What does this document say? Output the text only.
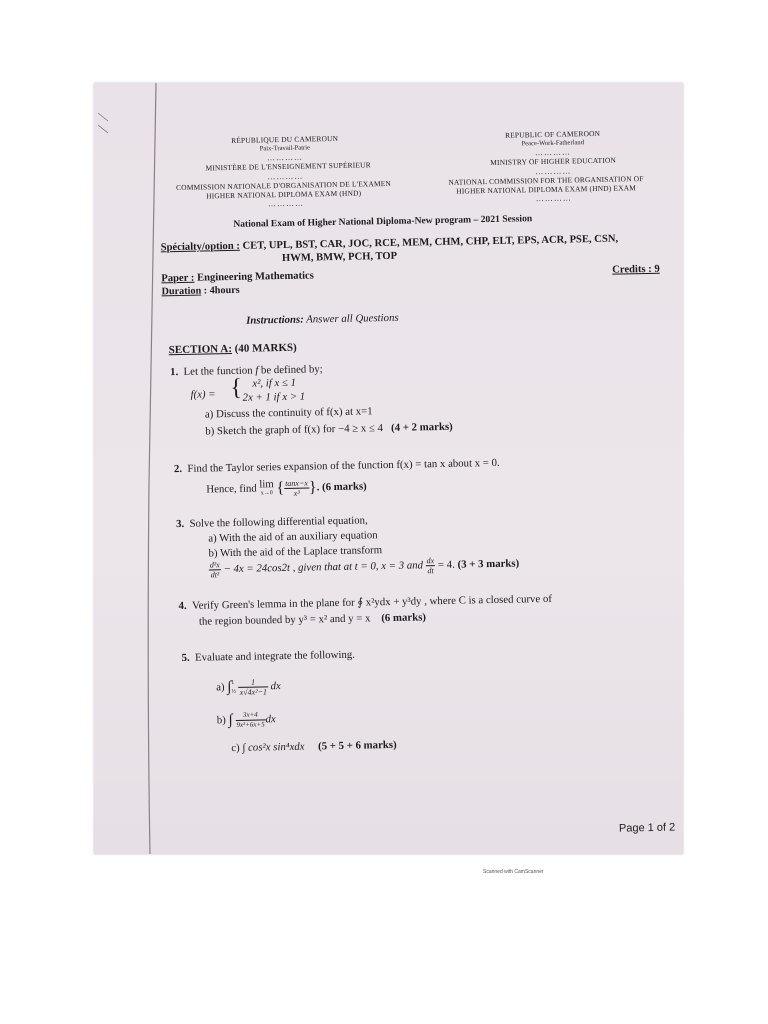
RÉPUBLIQUE DU CAMEROUN
Paix-Travail-Patrie
…………
MINISTÈRE DE L'ENSEIGNEMENT SUPÉRIEUR
…………
COMMISSION NATIONALE D'ORGANISATION DE L'EXAMEN
HIGHER NATIONAL DIPLOMA EXAM (HND)
…………
REPUBLIC OF CAMEROON
Peace-Work-Fatherland
…………
MINISTRY OF HIGHER EDUCATION
…………
NATIONAL COMMISSION FOR THE ORGANISATION OF
HIGHER NATIONAL DIPLOMA EXAM (HND) EXAM
…………
National Exam of Higher National Diploma-New program – 2021 Session
Spécialty/option : CET, UPL, BST, CAR, JOC, RCE, MEM, CHM, CHP, ELT, EPS, ACR, PSE, CSN,
HWM, BMW, PCH, TOP
Paper : Engineering Mathematics
Credits : 9
Duration : 4hours
Instructions: Answer all Questions
SECTION A: (40 MARKS)
1. Let the function f be defined by;
f(x) = { x², if x ≤ 1
2x + 1 if x > 1
a) Discuss the continuity of f(x) at x=1
b) Sketch the graph of f(x) for −4 ≥ x ≤ 4 (4 + 2 marks)
2. Find the Taylor series expansion of the function f(x) = tan x about x = 0.
Hence, find lim
x→0 { $\frac{\tan x-x}{\text{x³}}$ }. (6 marks)
3. Solve the following differential equation,
a) With the aid of an auxiliary equation
b) With the aid of the Laplace transform
$\frac{\text{d²x}}{\text{dt²}} - 4x = 24\cos 2t$ , given that at t = 0, x = 3 and $\frac{dx}{dt} = 4$. (3 + 3 marks)
4. Verify Green's lemma in the plane for ∮ x²ydx + y³dy , where C is a closed curve of
the region bounded by y³ = x² and y = x (6 marks)
5. Evaluate and integrate the following.
a) ∫ 1
½
$\frac{1}{\text{x√4x²−1}}$ dx
b) ∫ $\frac{3x+4}{\text{9x²+6x+5}}$ dx
c) ∫ cos²x sin⁴xdx (5 + 5 + 6 marks)
Page 1 of 2

Scanned with CamScanner
